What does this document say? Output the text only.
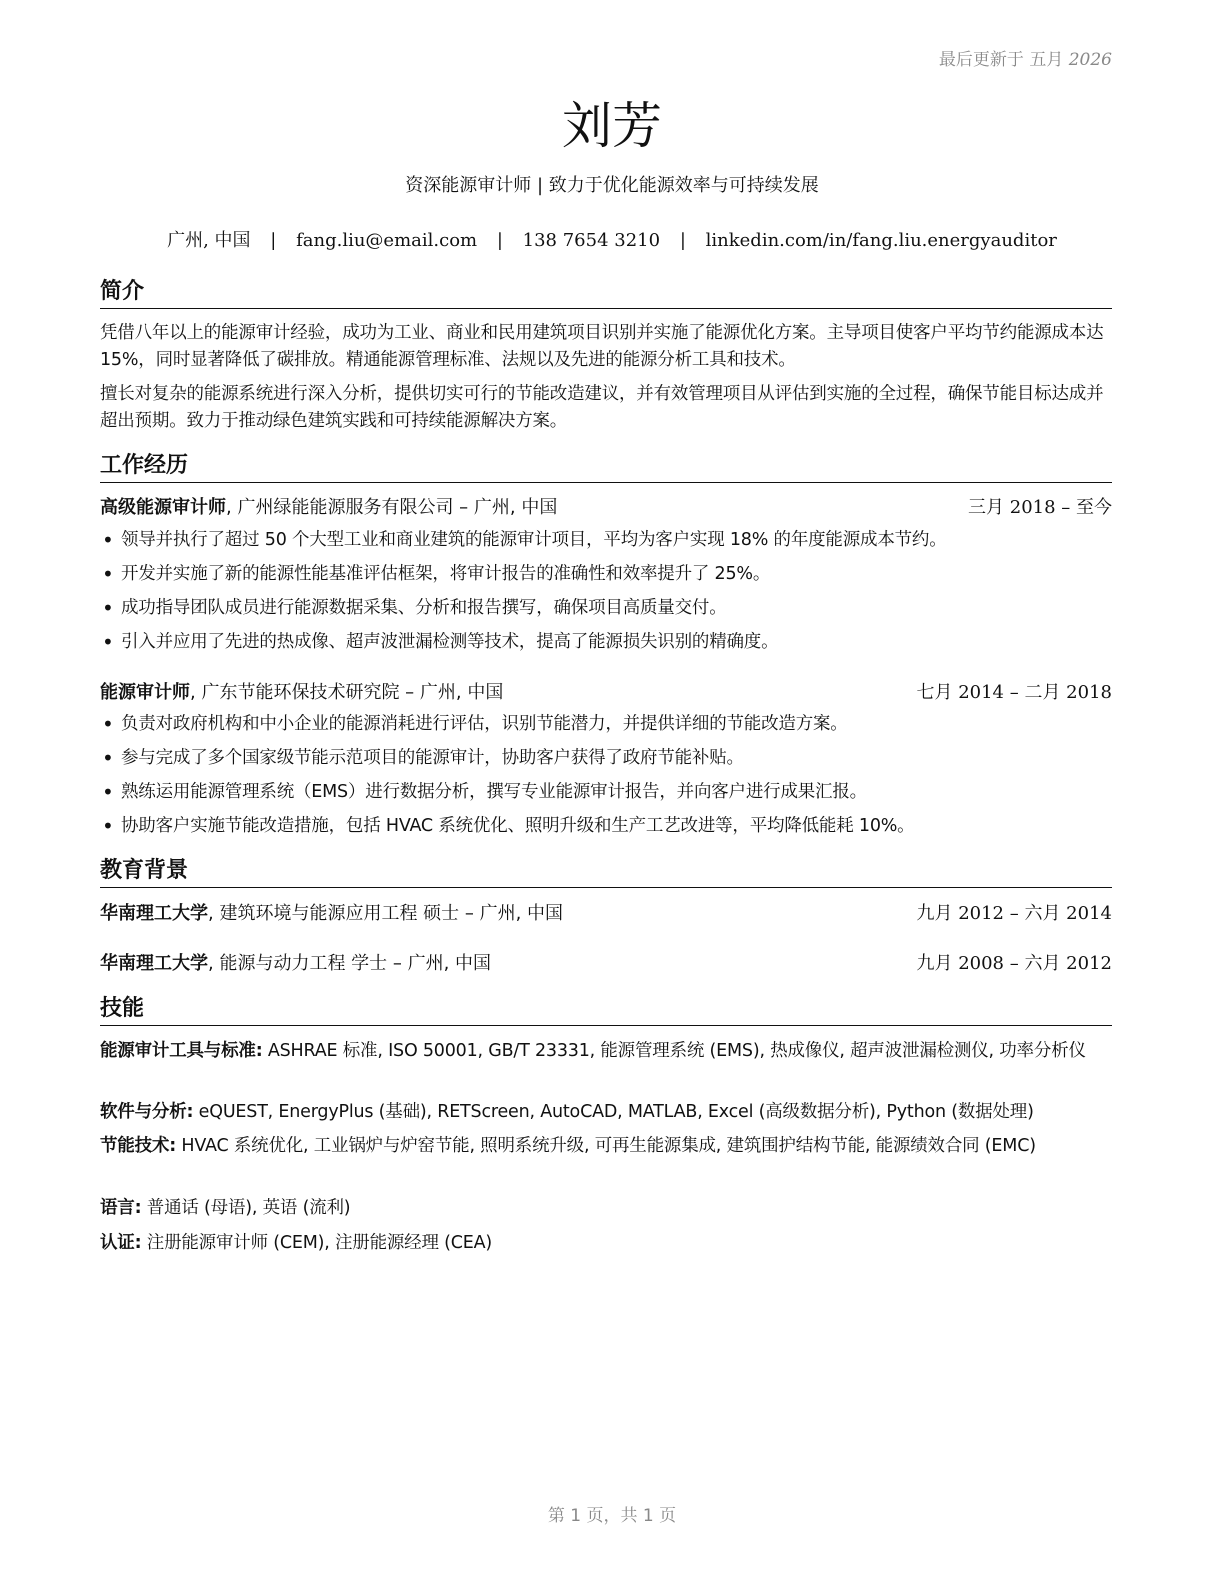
最后更新于 五月 2026
刘芳
资深能源审计师 | 致力于优化能源效率与可持续发展
广州, 中国 | fang.liu@email.com | 138 7654 3210 | linkedin.com/in/fang.liu.energyauditor
简介
凭借八年以上的能源审计经验，成功为工业、商业和民用建筑项目识别并实施了能源优化方案。主导项目使客户平均节约能源成本达 15%，同时显著降低了碳排放。精通能源管理标准、法规以及先进的能源分析工具和技术。
擅长对复杂的能源系统进行深入分析，提供切实可行的节能改造建议，并有效管理项目从评估到实施的全过程，确保节能目标达成并超出预期。致力于推动绿色建筑实践和可持续能源解决方案。
工作经历
高级能源审计师, 广州绿能能源服务有限公司 – 广州, 中国	三月 2018 – 至今
• 领导并执行了超过 50 个大型工业和商业建筑的能源审计项目，平均为客户实现 18% 的年度能源成本节约。
• 开发并实施了新的能源性能基准评估框架，将审计报告的准确性和效率提升了 25%。
• 成功指导团队成员进行能源数据采集、分析和报告撰写，确保项目高质量交付。
• 引入并应用了先进的热成像、超声波泄漏检测等技术，提高了能源损失识别的精确度。
能源审计师, 广东节能环保技术研究院 – 广州, 中国	七月 2014 – 二月 2018
• 负责对政府机构和中小企业的能源消耗进行评估，识别节能潜力，并提供详细的节能改造方案。
• 参与完成了多个国家级节能示范项目的能源审计，协助客户获得了政府节能补贴。
• 熟练运用能源管理系统（EMS）进行数据分析，撰写专业能源审计报告，并向客户进行成果汇报。
• 协助客户实施节能改造措施，包括 HVAC 系统优化、照明升级和生产工艺改进等，平均降低能耗 10%。
教育背景
华南理工大学, 建筑环境与能源应用工程 硕士 – 广州, 中国	九月 2012 – 六月 2014
华南理工大学, 能源与动力工程 学士 – 广州, 中国	九月 2008 – 六月 2012
技能
能源审计工具与标准: ASHRAE 标准, ISO 50001, GB/T 23331, 能源管理系统 (EMS), 热成像仪, 超声波泄漏检测仪, 功率分析仪
软件与分析: eQUEST, EnergyPlus (基础), RETScreen, AutoCAD, MATLAB, Excel (高级数据分析), Python (数据处理)
节能技术: HVAC 系统优化, 工业锅炉与炉窑节能, 照明系统升级, 可再生能源集成, 建筑围护结构节能, 能源绩效合同 (EMC)
语言: 普通话 (母语), 英语 (流利)
认证: 注册能源审计师 (CEM), 注册能源经理 (CEA)
第 1 页，共 1 页
